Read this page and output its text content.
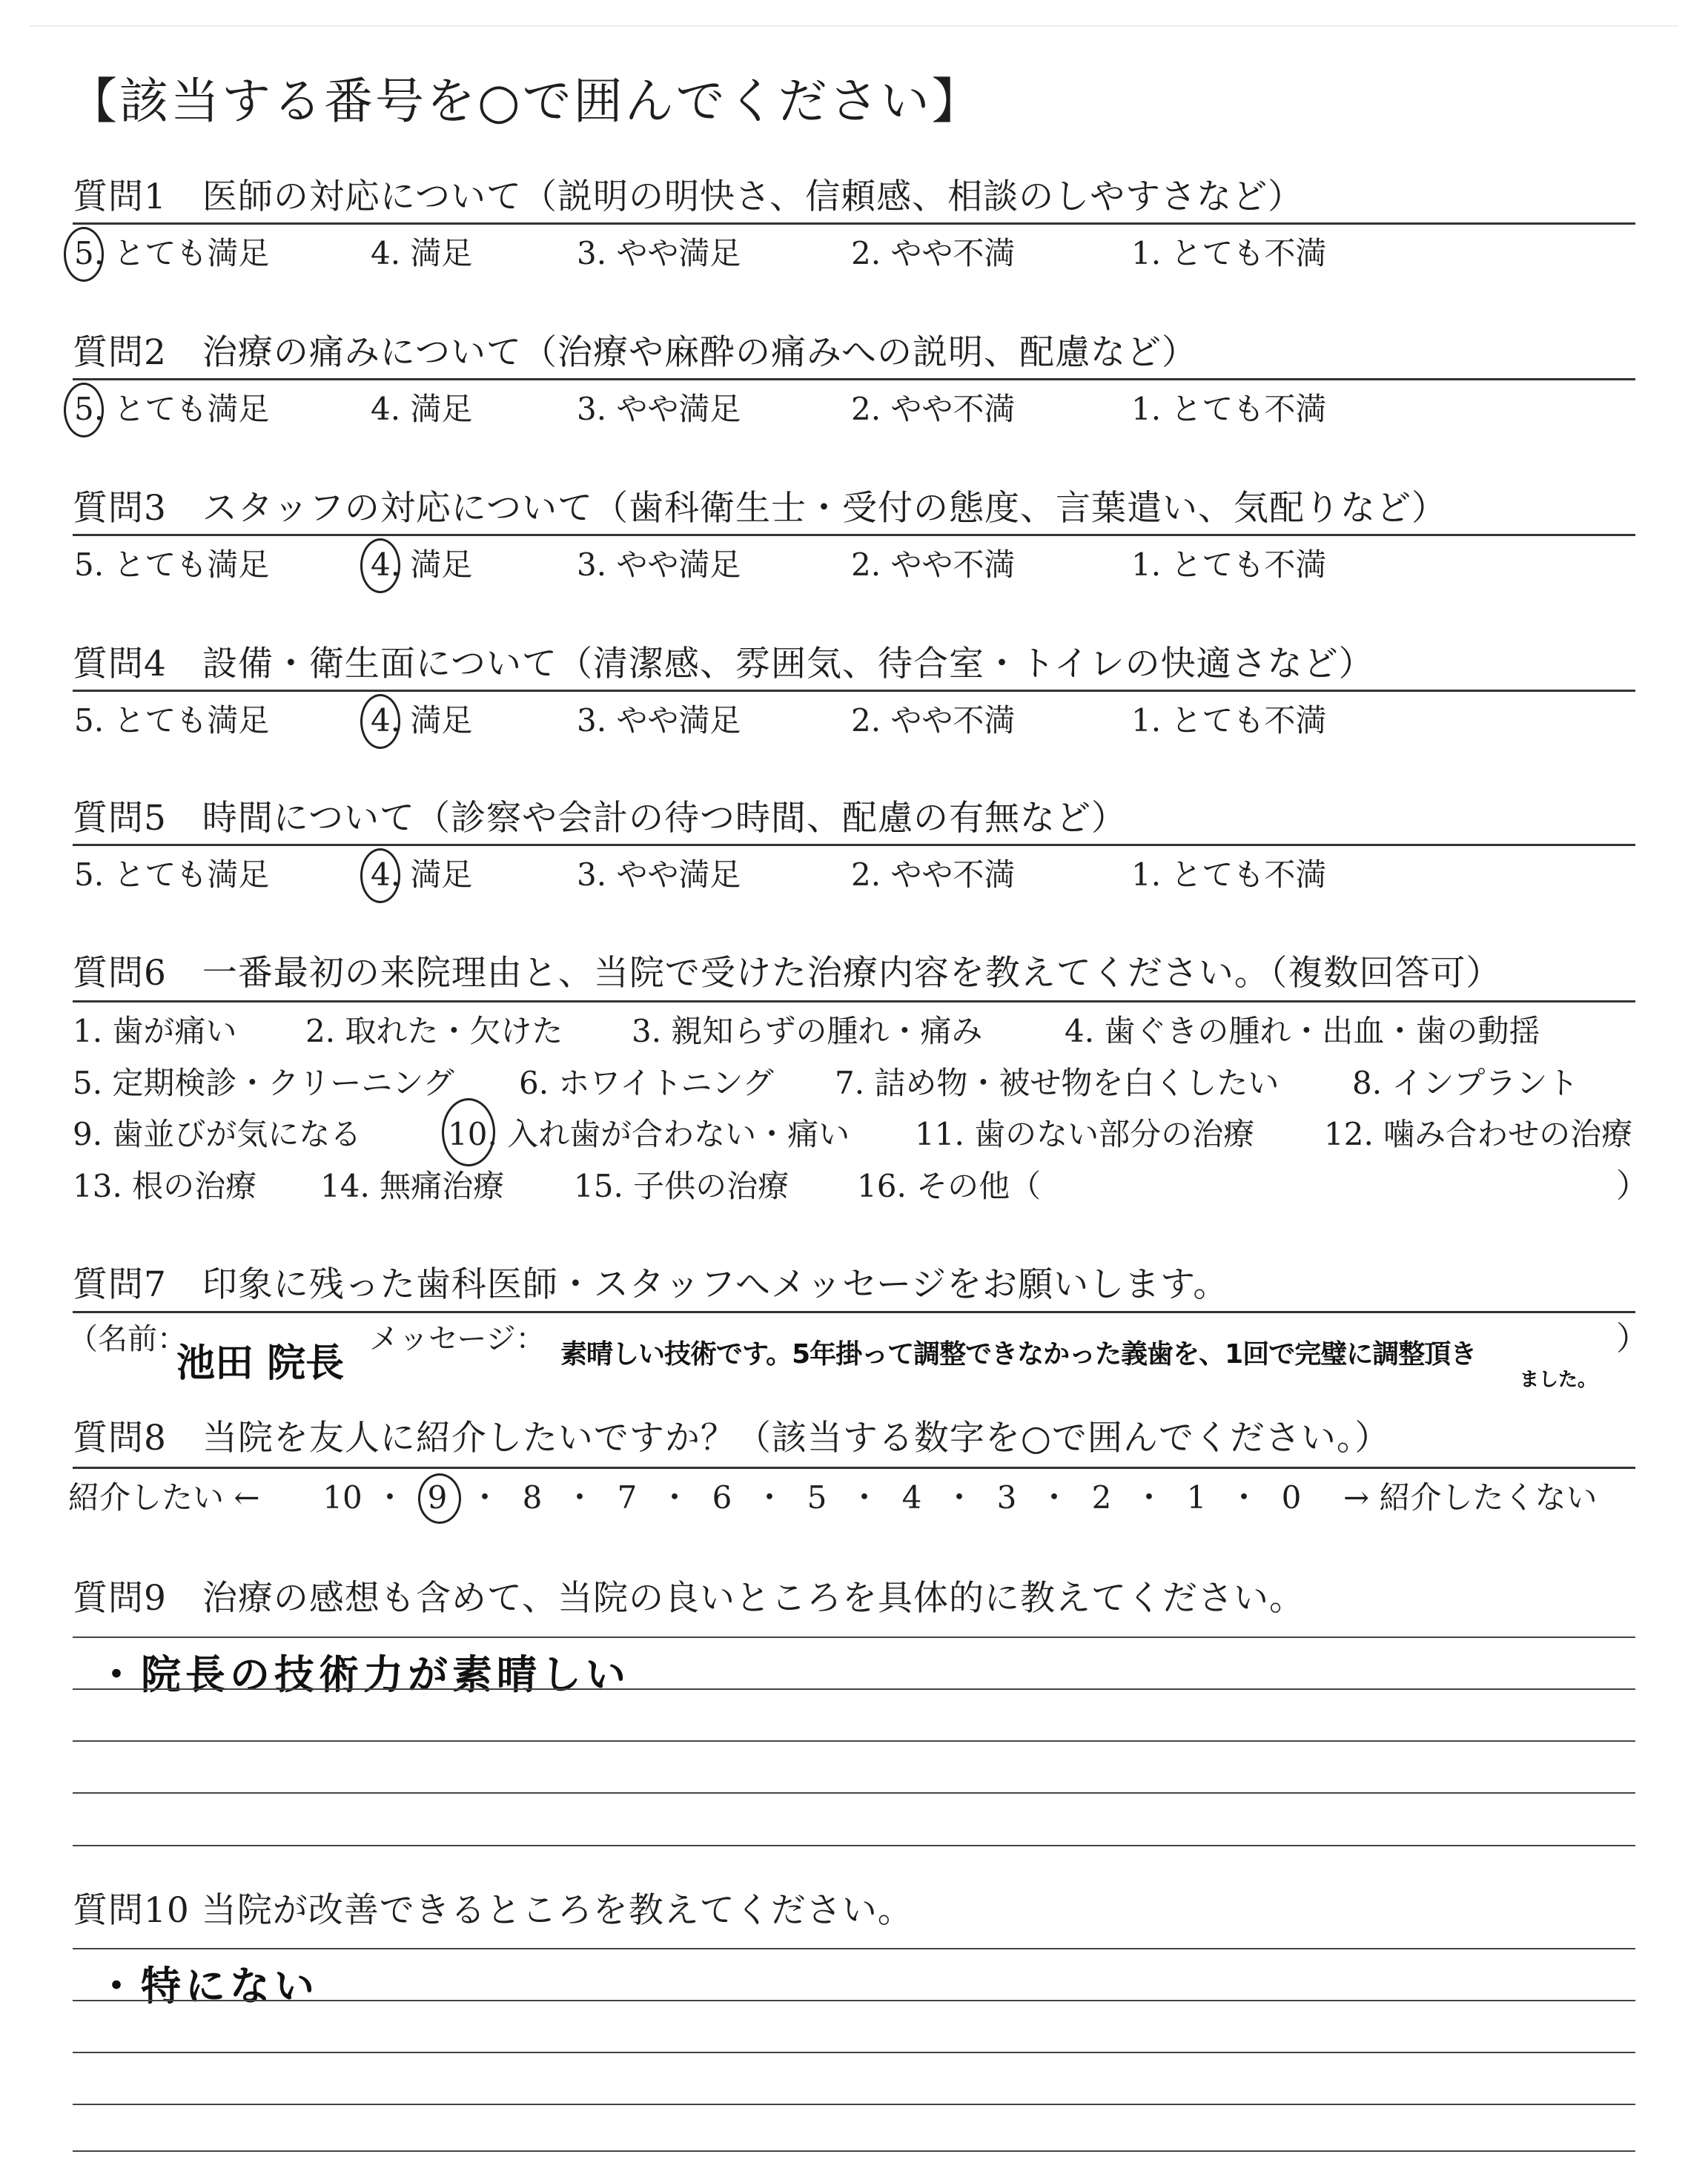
【該当する番号を○で囲んでください】
質問1　医師の対応について（説明の明快さ、信頼感、相談のしやすさなど）
5. とても満足	4. 満足	3. やや満足	2. やや不満	1. とても不満
質問2　治療の痛みについて（治療や麻酔の痛みへの説明、配慮など）
5. とても満足	4. 満足	3. やや満足	2. やや不満	1. とても不満
質問3　スタッフの対応について（歯科衛生士・受付の態度、言葉遣い、気配りなど）
5. とても満足	4. 満足	3. やや満足	2. やや不満	1. とても不満
質問4　設備・衛生面について（清潔感、雰囲気、待合室・トイレの快適さなど）
5. とても満足	4. 満足	3. やや満足	2. やや不満	1. とても不満
質問5　時間について（診察や会計の待つ時間、配慮の有無など）
5. とても満足	4. 満足	3. やや満足	2. やや不満	1. とても不満
質問6　一番最初の来院理由と、当院で受けた治療内容を教えてください。（複数回答可）
1. 歯が痛い 2. 取れた・欠けた 3. 親知らずの腫れ・痛み	4. 歯ぐきの腫れ・出血・歯の動揺
5. 定期検診・クリーニング 6. ホワイトニング 7. 詰め物・被せ物を白くしたい 8. インプラント
9. 歯並びが気になる	10. 入れ歯が合わない・痛い 11. 歯のない部分の治療 12. 噛み合わせの治療
13. 根の治療 14. 無痛治療 15. 子供の治療 16. その他（	）
質問7　印象に残った歯科医師・スタッフへメッセージをお願いします。
（名前：
池田 院長
メッセージ： 素晴しい技術です。5年掛って調整できなかった義歯を、1回で完璧に調整頂き
ました。
）
質問8　当院を友人に紹介したいですか？（該当する数字を○で囲んでください。）
紹介したい ← 10 ・ 9 ・ 8 ・ 7 ・ 6 ・ 5 ・ 4 ・ 3 ・ 2 ・ 1 ・ 0	→ 紹介したくない
質問9　治療の感想も含めて、当院の良いところを具体的に教えてください。
・院長の技術力が素晴しい
質問10 当院が改善できるところを教えてください。
・特にない
